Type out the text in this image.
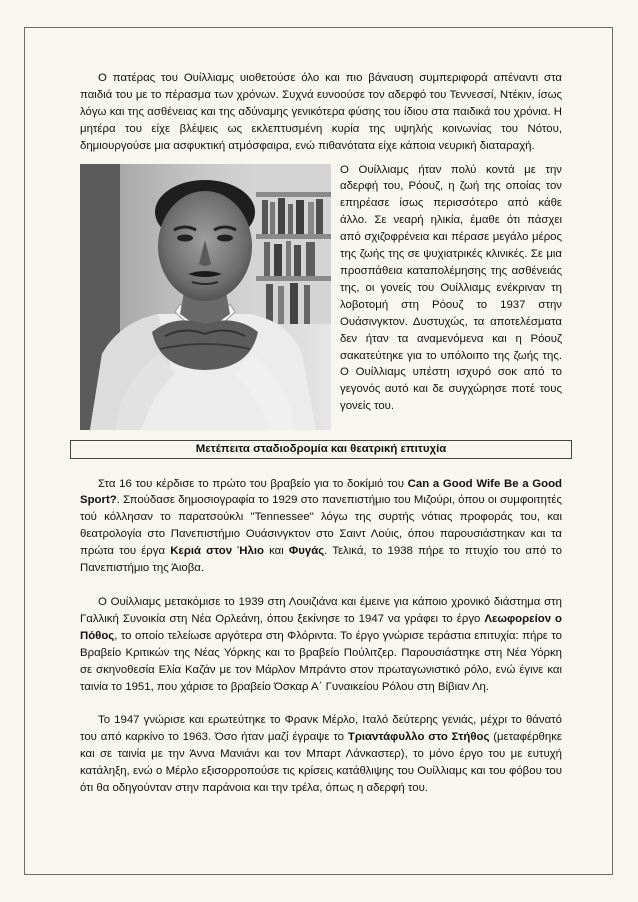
Ο πατέρας του Ουίλλιαμς υιοθετούσε όλο και πιο βάναυση συμπεριφορά απέναντι στα παιδιά του με το πέρασμα των χρόνων. Συχνά ευνοούσε τον αδερφό του Τεννεσσί, Ντέκιν, ίσως λόγω και της ασθένειας και της αδύναμης γενικότερα φύσης του ίδιου στα παιδικά του χρόνια. Η μητέρα του είχε βλέψεις ως εκλεπτυσμένη κυρία της υψηλής κοινωνίας του Νότου, δημιουργούσε μια ασφυκτική ατμόσφαιρα, ενώ πιθανότατα είχε κάποια νευρική διαταραχή.

Ο Ουίλλιαμς ήταν πολύ κοντά με την αδερφή του, Ρόουζ, η ζωή της οποίας τον επηρέασε ίσως περισσότερο από κάθε άλλο. Σε νεαρή ηλικία, έμαθε ότι πάσχει από σχιζοφρένεια και πέρασε μεγάλο μέρος της ζωής της σε ψυχιατρικές κλινικές. Σε μια προσπάθεια καταπολέμησης της ασθένειάς της, οι γονείς του Ουίλλιαμς ενέκριναν τη λοβοτομή στη Ρόουζ το 1937 στην Ουάσινγκτον. Δυστυχώς, τα αποτελέσματα δεν ήταν τα αναμενόμενα και η Ρόουζ σακατεύτηκε για το υπόλοιπο της ζωής της. Ο Ουίλλιαμς υπέστη ισχυρό σοκ από το γεγονός αυτό και δε συγχώρησε ποτέ τους γονείς του.

Μετέπειτα σταδιοδρομία και θεατρική επιτυχία

Στα 16 του κέρδισε το πρώτο του βραβείο για το δοκίμιό του Can a Good Wife Be a Good Sport?. Σπούδασε δημοσιογραφία το 1929 στο πανεπιστήμιο του Μιζούρι, όπου οι συμφοιτητές τού κόλλησαν το παρατσούκλι "Tennessee" λόγω της συρτής νότιας προφοράς του, και θεατρολογία στο Πανεπιστήμιο Ουάσινγκτον στο Σαιντ Λούις, όπου παρουσιάστηκαν και τα πρώτα του έργα Κεριά στον Ήλιο και Φυγάς. Τελικά, το 1938 πήρε το πτυχίο του από το Πανεπιστήμιο της Άιοβα.

Ο Ουίλλιαμς μετακόμισε το 1939 στη Λουιζιάνα και έμεινε για κάποιο χρονικό διάστημα στη Γαλλική Συνοικία στη Νέα Ορλεάνη, όπου ξεκίνησε το 1947 να γράφει το έργο Λεωφορείον ο Πόθος, το οποίο τελείωσε αργότερα στη Φλόριντα. Το έργο γνώρισε τεράστια επιτυχία: πήρε το Βραβείο Κριτικών της Νέας Υόρκης και το βραβείο Πούλιτζερ. Παρουσιάστηκε στη Νέα Υόρκη σε σκηνοθεσία Ελία Καζάν με τον Μάρλον Μπράντο στον πρωταγωνιστικό ρόλο, ενώ έγινε και ταινία το 1951, που χάρισε το βραβείο Όσκαρ Α΄ Γυναικείου Ρόλου στη Βίβιαν Λη.

Το 1947 γνώρισε και ερωτεύτηκε το Φρανκ Μέρλο, Ιταλό δεύτερης γενιάς, μέχρι το θάνατό του από καρκίνο το 1963. Όσο ήταν μαζί έγραψε το Τριαντάφυλλο στο Στήθος (μεταφέρθηκε και σε ταινία με την Άννα Μανιάνι και τον Μπαρτ Λάνκαστερ), το μόνο έργο του με ευτυχή κατάληξη, ενώ ο Μέρλο εξισορροπούσε τις κρίσεις κατάθλιψης του Ουίλλιαμς και του φόβου του ότι θα οδηγούνταν στην παράνοια και την τρέλα, όπως η αδερφή του.
